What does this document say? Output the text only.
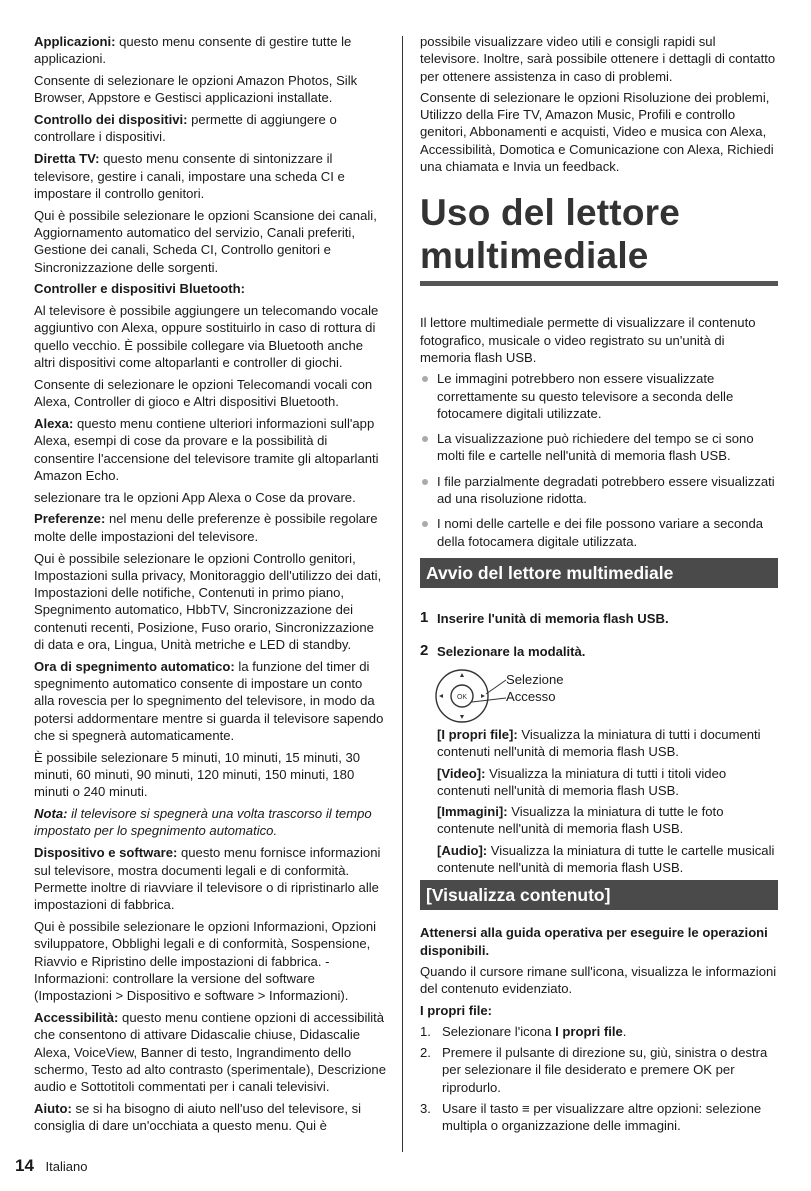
Applicazioni: questo menu consente di gestire tutte le applicazioni.

Consente di selezionare le opzioni Amazon Photos, Silk Browser, Appstore e Gestisci applicazioni installate.

Controllo dei dispositivi: permette di aggiungere o controllare i dispositivi.

Diretta TV: questo menu consente di sintonizzare il televisore, gestire i canali, impostare una scheda CI e impostare il controllo genitori.

Qui è possibile selezionare le opzioni Scansione dei canali, Aggiornamento automatico del servizio, Canali preferiti, Gestione dei canali, Scheda CI, Controllo genitori e Sincronizzazione delle sorgenti.

Controller e dispositivi Bluetooth:

Al televisore è possibile aggiungere un telecomando vocale aggiuntivo con Alexa, oppure sostituirlo in caso di rottura di quello vecchio. È possibile collegare via Bluetooth anche altri dispositivi come altoparlanti e controller di giochi.

Consente di selezionare le opzioni Telecomandi vocali con Alexa, Controller di gioco e Altri dispositivi Bluetooth.

Alexa: questo menu contiene ulteriori informazioni sull'app Alexa, esempi di cose da provare e la possibilità di consentire l'accensione del televisore tramite gli altoparlanti Amazon Echo.

selezionare tra le opzioni App Alexa o Cose da provare.

Preferenze: nel menu delle preferenze è possibile regolare molte delle impostazioni del televisore.

Qui è possibile selezionare le opzioni Controllo genitori, Impostazioni sulla privacy, Monitoraggio dell'utilizzo dei dati, Impostazioni delle notifiche, Contenuti in primo piano, Spegnimento automatico, HbbTV, Sincronizzazione dei contenuti recenti, Posizione, Fuso orario, Sincronizzazione di data e ora, Lingua, Unità metriche e LED di standby.

Ora di spegnimento automatico: la funzione del timer di spegnimento automatico consente di impostare un conto alla rovescia per lo spegnimento del televisore, in modo da potersi addormentare mentre si guarda il televisore sapendo che si spegnerà automaticamente.

È possibile selezionare 5 minuti, 10 minuti, 15 minuti, 30 minuti, 60 minuti, 90 minuti, 120 minuti, 150 minuti, 180 minuti o 240 minuti.

Nota: il televisore si spegnerà una volta trascorso il tempo impostato per lo spegnimento automatico.

Dispositivo e software: questo menu fornisce informazioni sul televisore, mostra documenti legali e di conformità. Permette inoltre di riavviare il televisore o di ripristinarlo alle impostazioni di fabbrica.

Qui è possibile selezionare le opzioni Informazioni, Opzioni sviluppatore, Obblighi legali e di conformità, Sospensione, Riavvio e Ripristino delle impostazioni di fabbrica. -Informazioni: controllare la versione del software (Impostazioni > Dispositivo e software > Informazioni).

Accessibilità: questo menu contiene opzioni di accessibilità che consentono di attivare Didascalie chiuse, Didascalie Alexa, VoiceView, Banner di testo, Ingrandimento dello schermo, Testo ad alto contrasto (sperimentale), Descrizione audio e Sottotitoli commentati per i canali televisivi.

Aiuto: se si ha bisogno di aiuto nell'uso del televisore, si consiglia di dare un'occhiata a questo menu. Qui è

possibile visualizzare video utili e consigli rapidi sul televisore. Inoltre, sarà possibile ottenere i dettagli di contatto per ottenere assistenza in caso di problemi.

Consente di selezionare le opzioni Risoluzione dei problemi, Utilizzo della Fire TV, Amazon Music, Profili e controllo genitori, Abbonamenti e acquisti, Video e musica con Alexa, Accessibilità, Domotica e Comunicazione con Alexa, Richiedi una chiamata e Invia un feedback.

Uso del lettore multimediale

Il lettore multimediale permette di visualizzare il contenuto fotografico, musicale o video registrato su un'unità di memoria flash USB.

Le immagini potrebbero non essere visualizzate correttamente su questo televisore a seconda delle fotocamere digitali utilizzate.
La visualizzazione può richiedere del tempo se ci sono molti file e cartelle nell'unità di memoria flash USB.
I file parzialmente degradati potrebbero essere visualizzati ad una risoluzione ridotta.
I nomi delle cartelle e dei file possono variare a seconda della fotocamera digitale utilizzata.
Avvio del lettore multimediale
1 Inserire l'unità di memoria flash USB.
2 Selezionare la modalità.
OK
Selezione
Accesso
[I propri file]: Visualizza la miniatura di tutti i documenti contenuti nell'unità di memoria flash USB.
[Video]: Visualizza la miniatura di tutti i titoli video contenuti nell'unità di memoria flash USB.
[Immagini]: Visualizza la miniatura di tutte le foto contenute nell'unità di memoria flash USB.
[Audio]: Visualizza la miniatura di tutte le cartelle musicali contenute nell'unità di memoria flash USB.
[Visualizza contenuto]

Attenersi alla guida operativa per eseguire le operazioni disponibili.

Quando il cursore rimane sull'icona, visualizza le informazioni del contenuto evidenziato.

I propri file:

1. Selezionare l'icona I propri file.
2. Premere il pulsante di direzione su, giù, sinistra o destra per selezionare il file desiderato e premere OK per riprodurlo.
3. Usare il tasto ≡ per visualizzare altre opzioni: selezione multipla o organizzazione delle immagini.
14 Italiano
